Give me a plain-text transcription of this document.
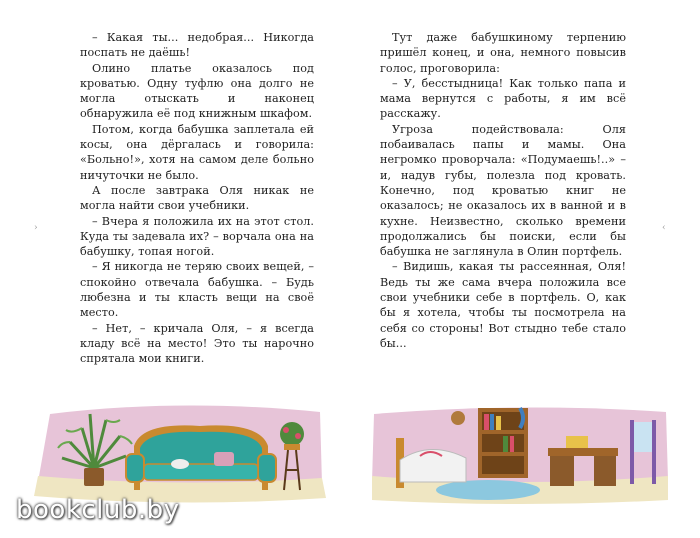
– Какая ты... недобрая... Никогда поспать не даёшь!

Олино платье оказалось под кроватью. Одну туфлю она долго не могла отыскать и наконец обнаружила её под книжным шкафом.

Потом, когда бабушка заплетала ей косы, она дёргалась и говорила: «Больно!», хотя на самом деле больно ничуточки не было.

А после завтрака Оля никак не могла найти свои учебники.

– Вчера я положила их на этот стол. Куда ты задевала их? – ворчала она на бабушку, топая ногой.

– Я никогда не теряю своих вещей, – спокойно отвечала бабушка. – Будь любезна и ты класть вещи на своё место.

– Нет, – кричала Оля, – я всегда кладу всё на место! Это ты нарочно спрятала мои книги.

Тут даже бабушкиному терпению пришёл конец, и она, немного повысив голос, проговорила:

– У, бесстыдница! Как только папа и мама вернутся с работы, я им всё расскажу.

Угроза подействовала: Оля побаивалась папы и мамы. Она негромко проворчала: «Подумаешь!..» – и, надув губы, полезла под кровать. Конечно, под кроватью книг не оказалось; не оказалось их в ванной и в кухне. Неизвестно, сколько времени продолжались бы поиски, если бы бабушка не заглянула в Олин портфель.

– Видишь, какая ты рассеянная, Оля! Ведь ты же сама вчера положила все свои учебники себе в портфель. О, как бы я хотела, чтобы ты посмотрела на себя со стороны! Вот стыдно тебе стало бы...

›	‹
bookclub.by
